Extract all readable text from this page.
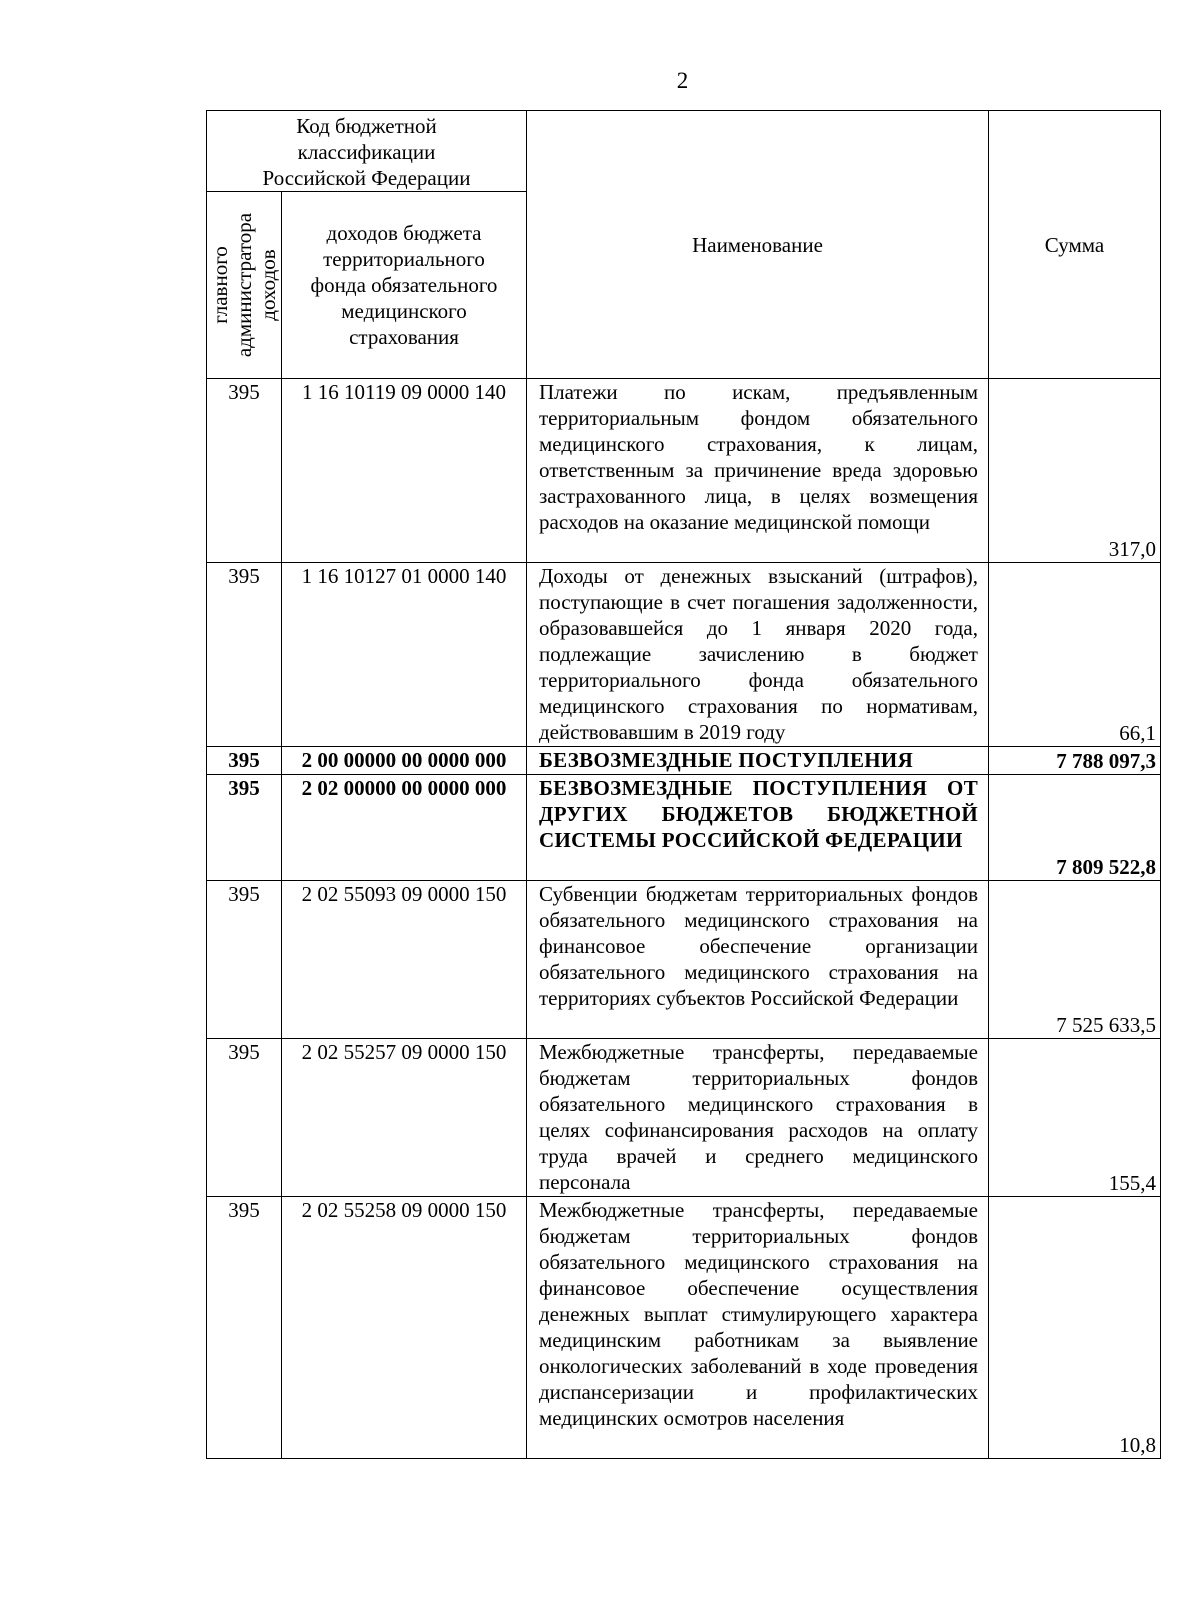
2
Код бюджетной классификации Российской Федерации		Наименование	Сумма

главного администратора доходов	доходов бюджета территориального фонда обязательного медицинского страхования		

395	1 16 10119 09 0000 140	Платежи по искам, предъявленным территориальным фондом обязательного медицинского страхования, к лицам, ответственным за причинение вреда здоровью застрахованного лица, в целях возмещения расходов на оказание медицинской помощи	317,0
395	1 16 10127 01 0000 140	Доходы от денежных взысканий (штрафов), поступающие в счет погашения задолженности, образовавшейся до 1 января 2020 года, подлежащие зачислению в бюджет территориального фонда обязательного медицинского страхования по нормативам, действовавшим в 2019 году	66,1
395	2 00 00000 00 0000 000	БЕЗВОЗМЕЗДНЫЕ ПОСТУПЛЕНИЯ	7 788 097,3
395	2 02 00000 00 0000 000	БЕЗВОЗМЕЗДНЫЕ ПОСТУПЛЕНИЯ ОТ ДРУГИХ БЮДЖЕТОВ БЮДЖЕТНОЙ СИСТЕМЫ РОССИЙСКОЙ ФЕДЕРАЦИИ	7 809 522,8
395	2 02 55093 09 0000 150	Субвенции бюджетам территориальных фондов обязательного медицинского страхования на финансовое обеспечение организации обязательного медицинского страхования на территориях субъектов Российской Федерации	7 525 633,5
395	2 02 55257 09 0000 150	Межбюджетные трансферты, передаваемые бюджетам территориальных фондов обязательного медицинского страхования в целях софинансирования расходов на оплату труда врачей и среднего медицинского персонала	155,4
395	2 02 55258 09 0000 150	Межбюджетные трансферты, передаваемые бюджетам территориальных фондов обязательного медицинского страхования на финансовое обеспечение осуществления денежных выплат стимулирующего характера медицинским работникам за выявление онкологических заболеваний в ходе проведения диспансеризации и профилактических медицинских осмотров населения	10,8
